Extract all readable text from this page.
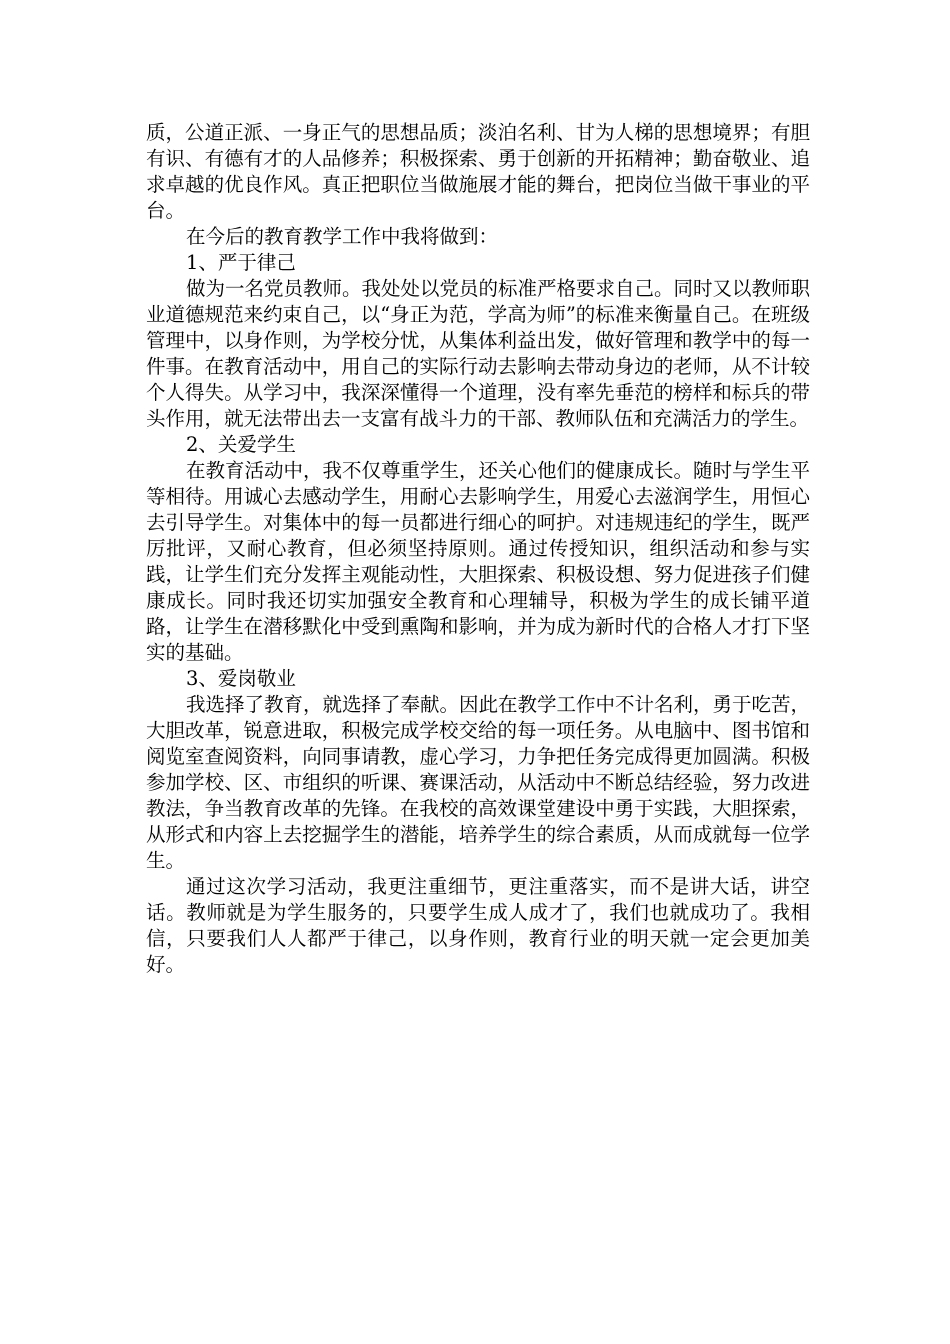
质，公道正派、一身正气的思想品质；淡泊名利、甘为人梯的思想境界；有胆有识、有德有才的人品修养；积极探索、勇于创新的开拓精神；勤奋敬业、追求卓越的优良作风。真正把职位当做施展才能的舞台，把岗位当做干事业的平台。

在今后的教育教学工作中我将做到：

1、严于律己

做为一名党员教师。我处处以党员的标准严格要求自己。同时又以教师职业道德规范来约束自己，以“身正为范，学高为师”的标准来衡量自己。在班级管理中，以身作则，为学校分忧，从集体利益出发，做好管理和教学中的每一件事。在教育活动中，用自己的实际行动去影响去带动身边的老师，从不计较个人得失。从学习中，我深深懂得一个道理，没有率先垂范的榜样和标兵的带头作用，就无法带出去一支富有战斗力的干部、教师队伍和充满活力的学生。

2、关爱学生

在教育活动中，我不仅尊重学生，还关心他们的健康成长。随时与学生平等相待。用诚心去感动学生，用耐心去影响学生，用爱心去滋润学生，用恒心去引导学生。对集体中的每一员都进行细心的呵护。对违规违纪的学生，既严厉批评，又耐心教育，但必须坚持原则。通过传授知识，组织活动和参与实践，让学生们充分发挥主观能动性，大胆探索、积极设想、努力促进孩子们健康成长。同时我还切实加强安全教育和心理辅导，积极为学生的成长铺平道路，让学生在潜移默化中受到熏陶和影响，并为成为新时代的合格人才打下坚实的基础。

3、爱岗敬业

我选择了教育，就选择了奉献。因此在教学工作中不计名利，勇于吃苦，大胆改革，锐意进取，积极完成学校交给的每一项任务。从电脑中、图书馆和阅览室查阅资料，向同事请教，虚心学习，力争把任务完成得更加圆满。积极参加学校、区、市组织的听课、赛课活动，从活动中不断总结经验，努力改进教法，争当教育改革的先锋。在我校的高效课堂建设中勇于实践，大胆探索，从形式和内容上去挖掘学生的潜能，培养学生的综合素质，从而成就每一位学生。

通过这次学习活动，我更注重细节，更注重落实，而不是讲大话，讲空话。教师就是为学生服务的，只要学生成人成才了，我们也就成功了。我相信，只要我们人人都严于律己，以身作则，教育行业的明天就一定会更加美好。
